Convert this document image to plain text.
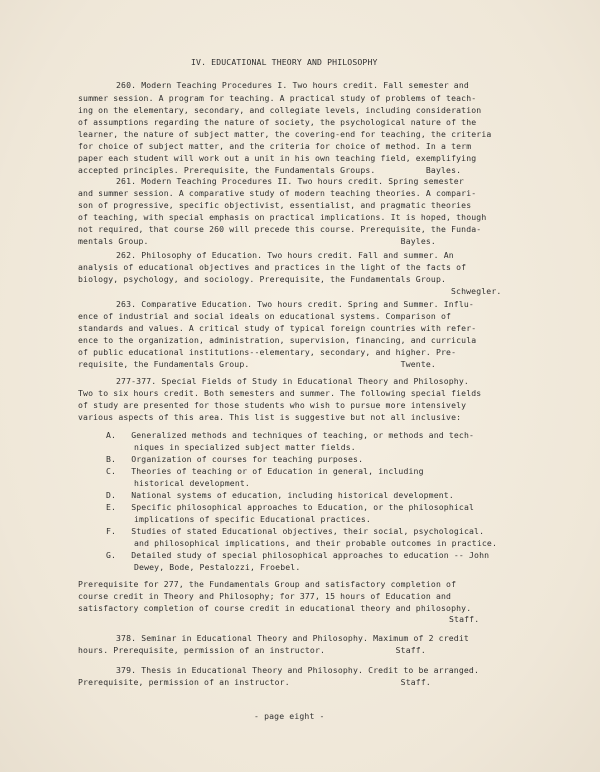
IV. EDUCATIONAL THEORY AND PHILOSOPHY
260. Modern Teaching Procedures I. Two hours credit. Fall semester and
summer session. A program for teaching. A practical study of problems of teach-
ing on the elementary, secondary, and collegiate levels, including consideration
of assumptions regarding the nature of society, the psychological nature of the
learner, the nature of subject matter, the covering-end for teaching, the criteria
for choice of subject matter, and the criteria for choice of method. In a term
paper each student will work out a unit in his own teaching field, exemplifying
accepted principles. Prerequisite, the Fundamentals Groups.          Bayles.
261. Modern Teaching Procedures II. Two hours credit. Spring semester
and summer session. A comparative study of modern teaching theories. A compari-
son of progressive, specific objectivist, essentialist, and pragmatic theories
of teaching, with special emphasis on practical implications. It is hoped, though
not required, that course 260 will precede this course. Prerequisite, the Funda-
mentals Group.                                                  Bayles.
262. Philosophy of Education. Two hours credit. Fall and summer. An
analysis of educational objectives and practices in the light of the facts of
biology, psychology, and sociology. Prerequisite, the Fundamentals Group.
Schwegler.
263. Comparative Education. Two hours credit. Spring and Summer. Influ-
ence of industrial and social ideals on educational systems. Comparison of
standards and values. A critical study of typical foreign countries with refer-
ence to the organization, administration, supervision, financing, and curricula
of public educational institutions--elementary, secondary, and higher. Pre-
requisite, the Fundamentals Group.                              Twente.
277-377. Special Fields of Study in Educational Theory and Philosophy.
Two to six hours credit. Both semesters and summer. The following special fields
of study are presented for those students who wish to pursue more intensively
various aspects of this area. This list is suggestive but not all inclusive:
A.   Generalized methods and techniques of teaching, or methods and tech-
niques in specialized subject matter fields.
B.   Organization of courses for teaching purposes.
C.   Theories of teaching or of Education in general, including
historical development.
D.   National systems of education, including historical development.
E.   Specific philosophical approaches to Education, or the philosophical
implications of specific Educational practices.
F.   Studies of stated Educational objectives, their social, psychological.
and philosophical implications, and their probable outcomes in practice.
G.   Detailed study of special philosophical approaches to education -- John
Dewey, Bode, Pestalozzi, Froebel.
Prerequisite for 277, the Fundamentals Group and satisfactory completion of
course credit in Theory and Philosophy; for 377, 15 hours of Education and
satisfactory completion of course credit in educational theory and philosophy.
Staff.
378. Seminar in Educational Theory and Philosophy. Maximum of 2 credit
hours. Prerequisite, permission of an instructor.              Staff.
379. Thesis in Educational Theory and Philosophy. Credit to be arranged.
Prerequisite, permission of an instructor.                      Staff.
- page eight -
